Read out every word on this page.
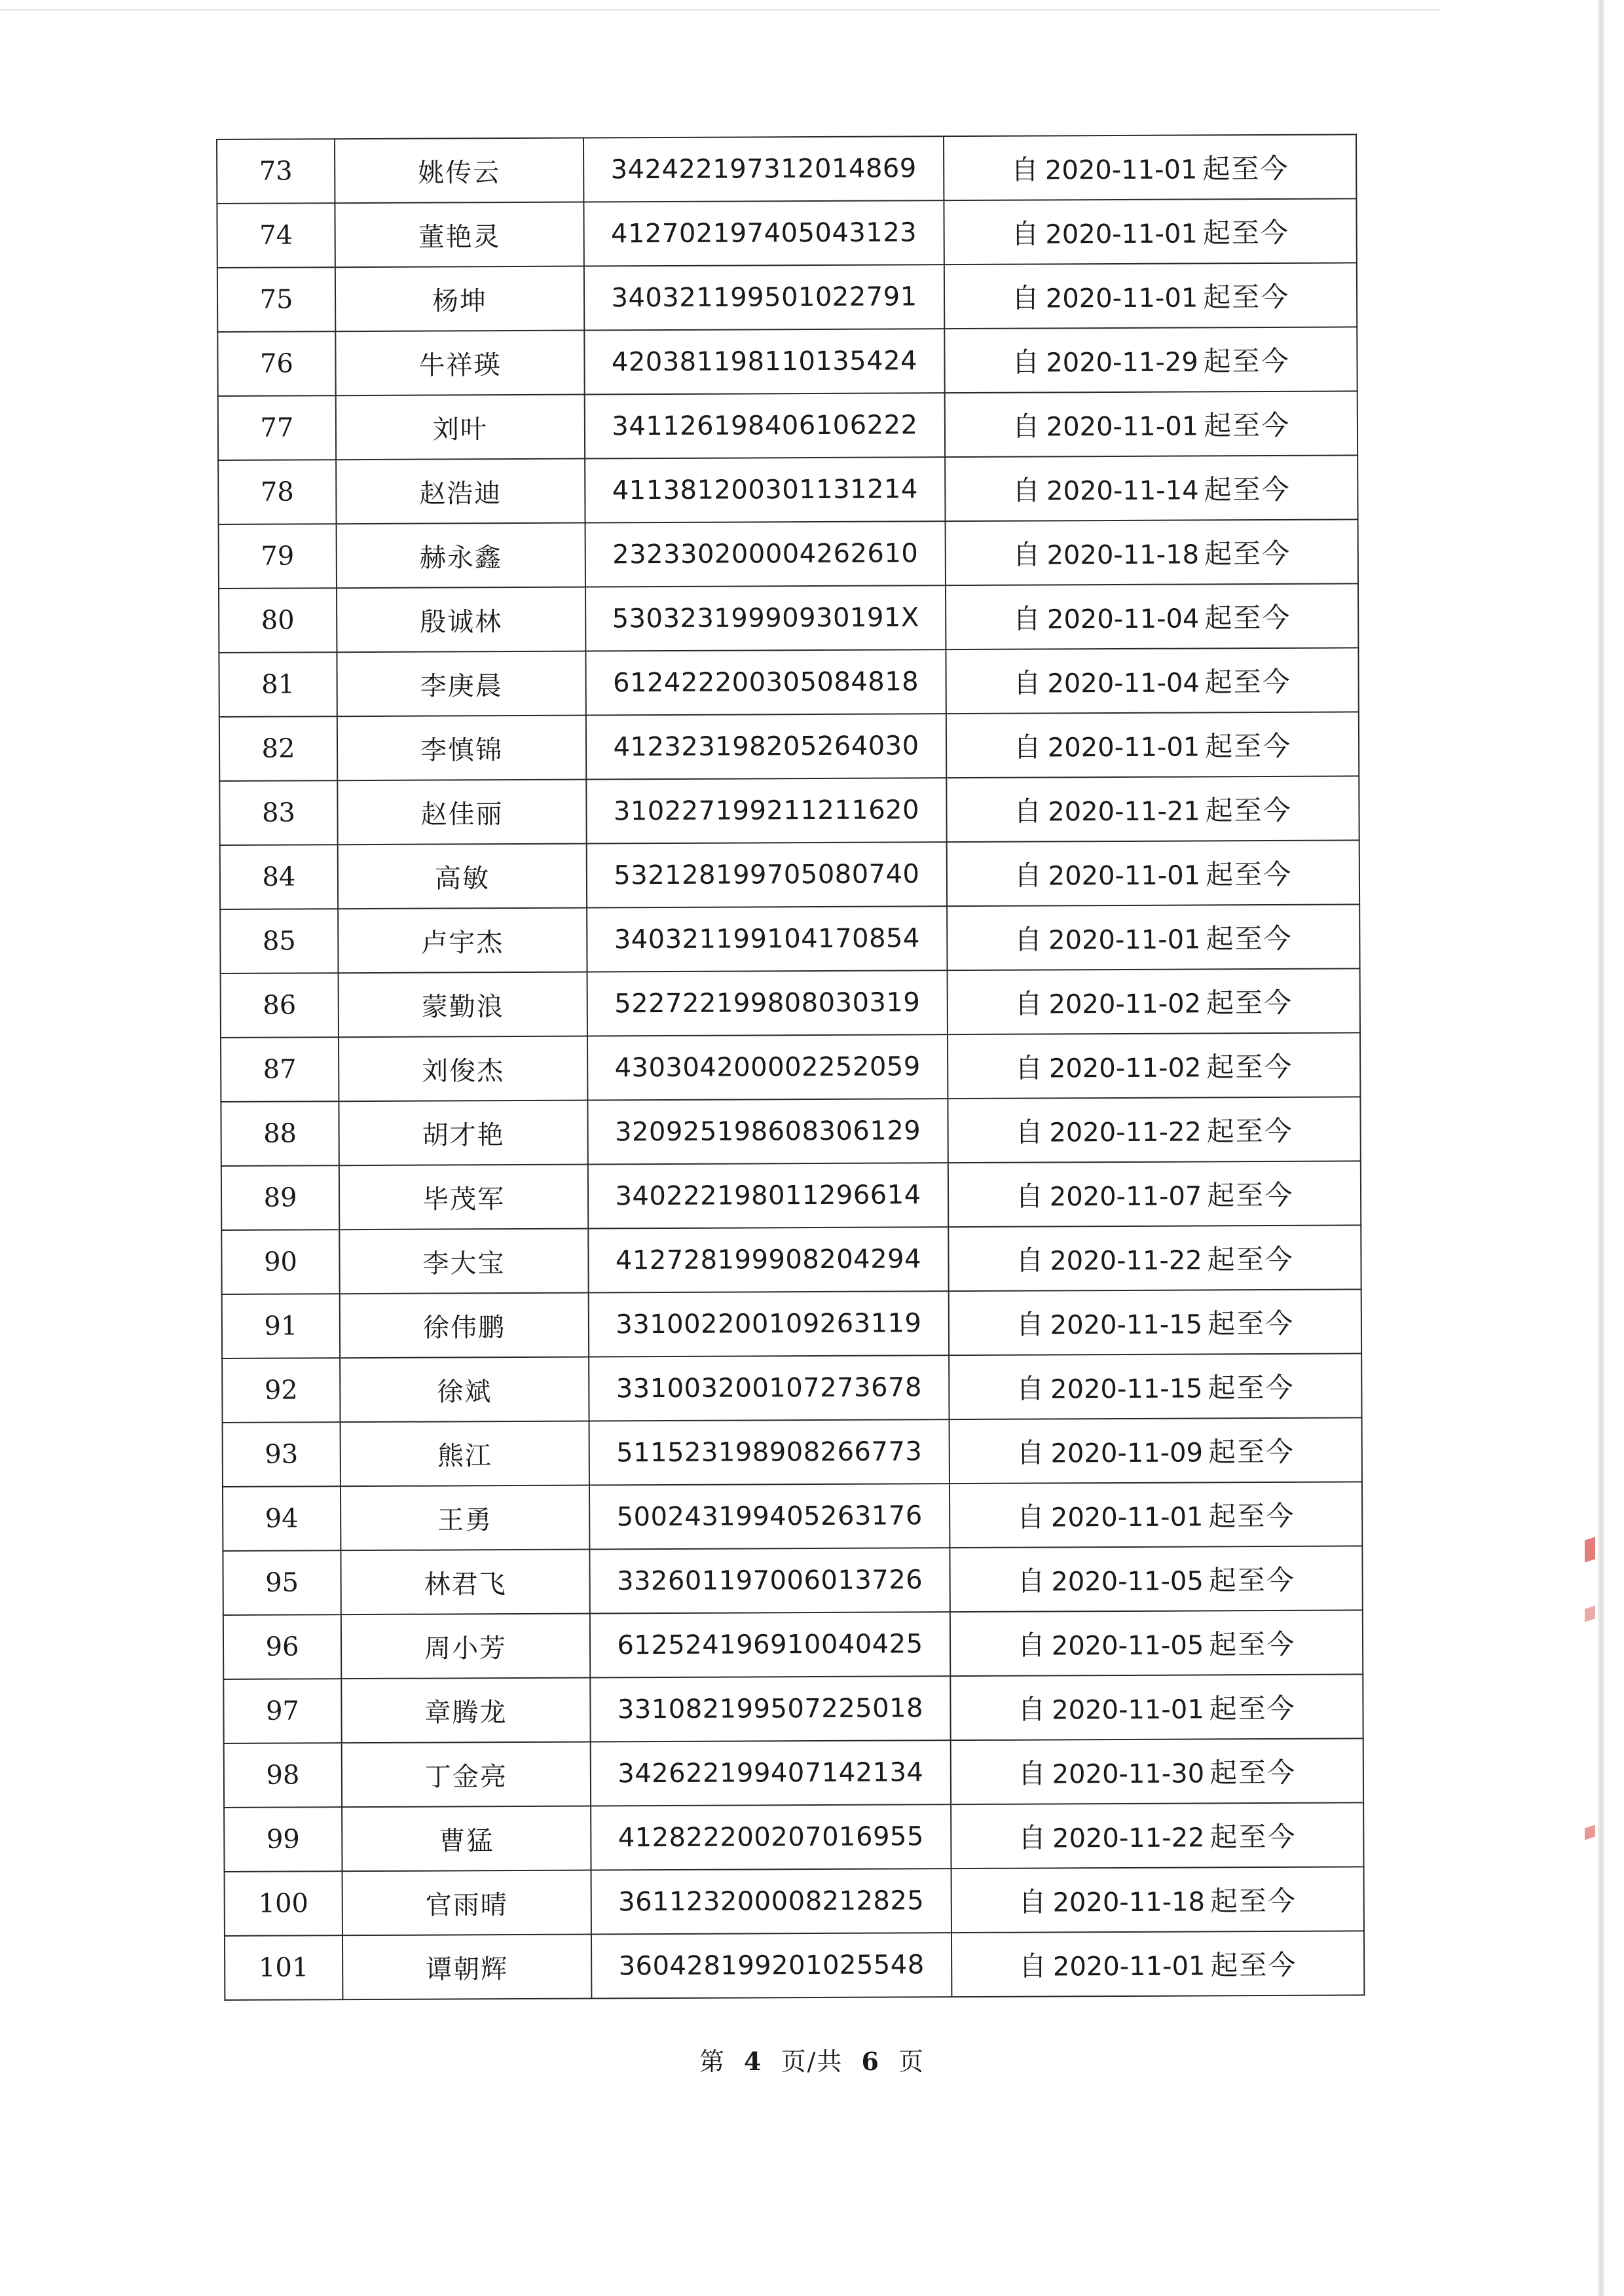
73	姚传云	342422197312014869	自 2020-11-01 起至今
74	董艳灵	412702197405043123	自 2020-11-01 起至今
75	杨坤	340321199501022791	自 2020-11-01 起至今
76	牛祥瑛	420381198110135424	自 2020-11-29 起至今
77	刘叶	341126198406106222	自 2020-11-01 起至今
78	赵浩迪	411381200301131214	自 2020-11-14 起至今
79	赫永鑫	232330200004262610	自 2020-11-18 起至今
80	殷诚林	53032319990930191X	自 2020-11-04 起至今
81	李庚晨	612422200305084818	自 2020-11-04 起至今
82	李慎锦	412323198205264030	自 2020-11-01 起至今
83	赵佳丽	310227199211211620	自 2020-11-21 起至今
84	高敏	532128199705080740	自 2020-11-01 起至今
85	卢宇杰	340321199104170854	自 2020-11-01 起至今
86	蒙勤浪	522722199808030319	自 2020-11-02 起至今
87	刘俊杰	430304200002252059	自 2020-11-02 起至今
88	胡才艳	320925198608306129	自 2020-11-22 起至今
89	毕茂军	340222198011296614	自 2020-11-07 起至今
90	李大宝	412728199908204294	自 2020-11-22 起至今
91	徐伟鹏	331002200109263119	自 2020-11-15 起至今
92	徐斌	331003200107273678	自 2020-11-15 起至今
93	熊江	511523198908266773	自 2020-11-09 起至今
94	王勇	500243199405263176	自 2020-11-01 起至今
95	林君飞	332601197006013726	自 2020-11-05 起至今
96	周小芳	612524196910040425	自 2020-11-05 起至今
97	章腾龙	331082199507225018	自 2020-11-01 起至今
98	丁金亮	342622199407142134	自 2020-11-30 起至今
99	曹猛	412822200207016955	自 2020-11-22 起至今
100	官雨晴	361123200008212825	自 2020-11-18 起至今
101	谭朝辉	360428199201025548	自 2020-11-01 起至今
第 4 页/共 6 页
